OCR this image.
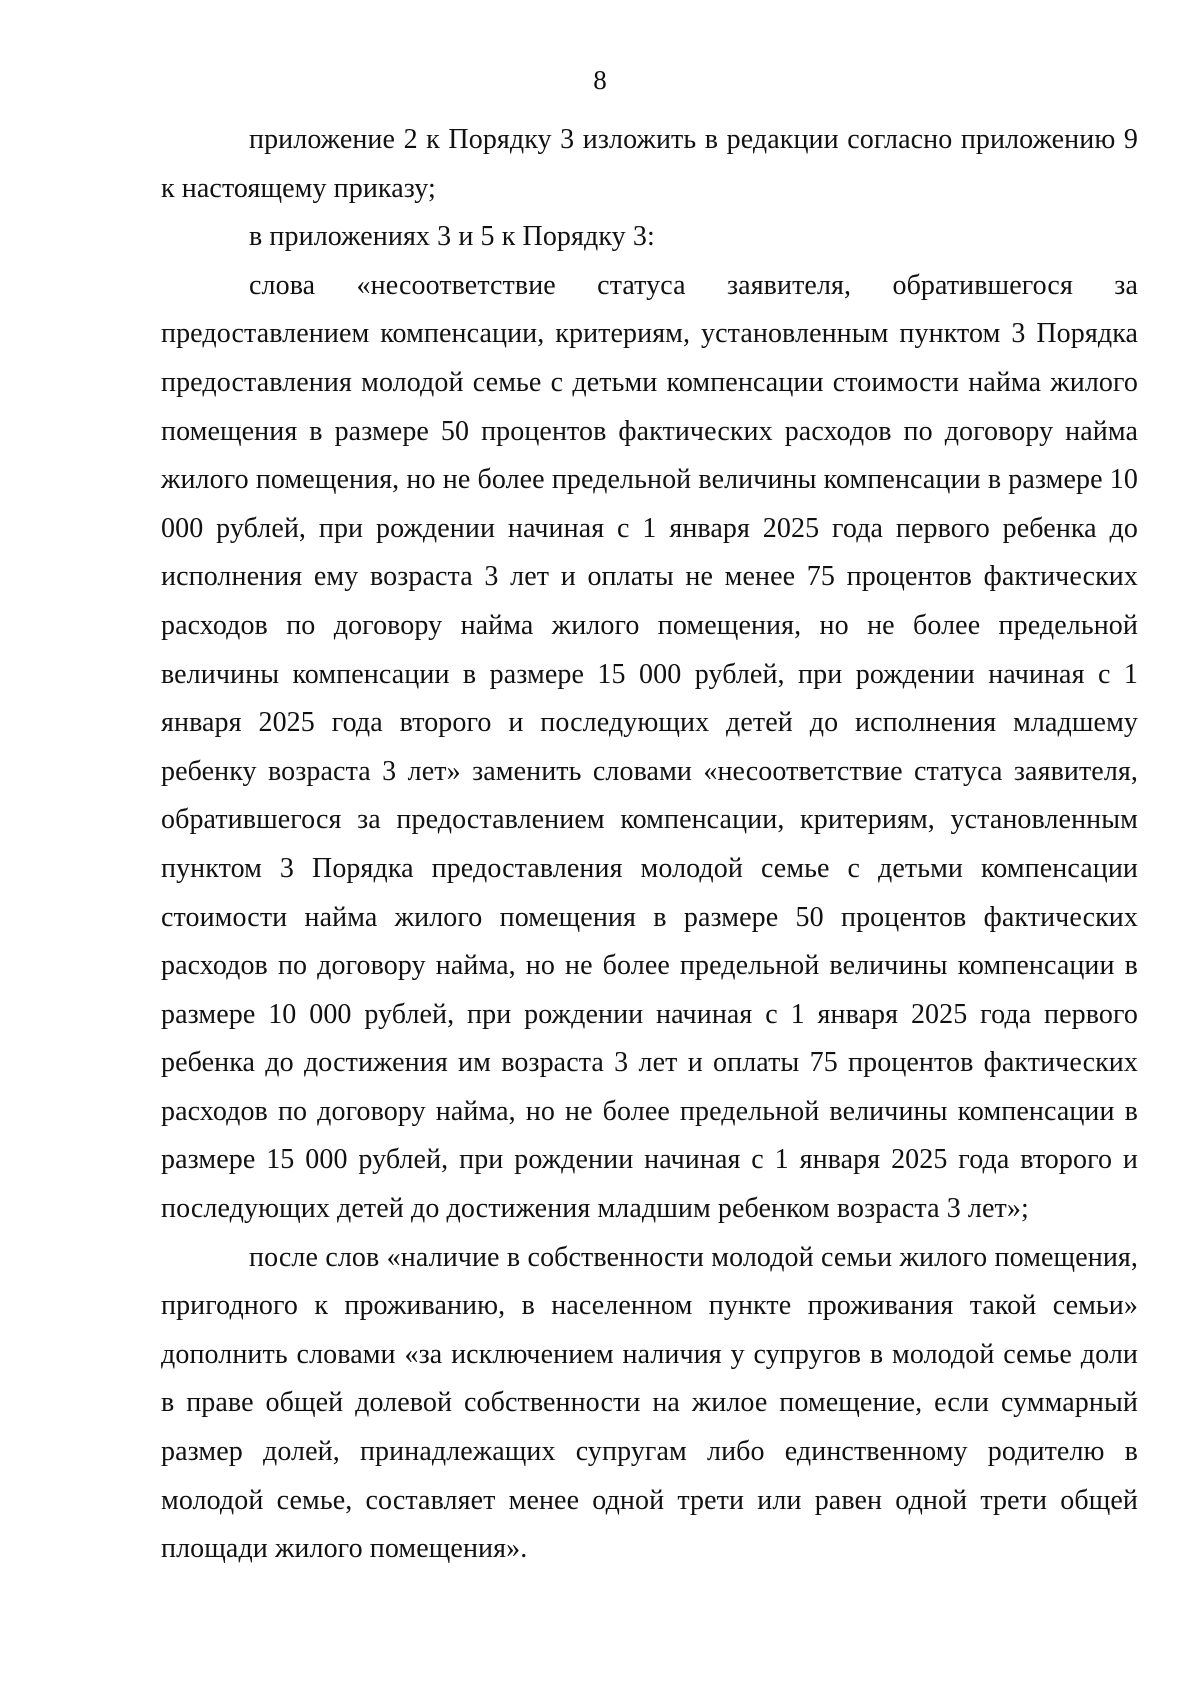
8

приложение 2 к Порядку 3 изложить в редакции согласно приложению 9 к настоящему приказу;

в приложениях 3 и 5 к Порядку 3:

слова «несоответствие статуса заявителя, обратившегося за предоставлением компенсации, критериям, установленным пунктом 3 Порядка предоставления молодой семье с детьми компенсации стоимости найма жилого помещения в размере 50 процентов фактических расходов по договору найма жилого помещения, но не более предельной величины компенсации в размере 10 000 рублей, при рождении начиная с 1 января 2025 года первого ребенка до исполнения ему возраста 3 лет и оплаты не менее 75 процентов фактических расходов по договору найма жилого помещения, но не более предельной величины компенсации в размере 15 000 рублей, при рождении начиная с 1 января 2025 года второго и последующих детей до исполнения младшему ребенку возраста 3 лет» заменить словами «несоответствие статуса заявителя, обратившегося за предоставлением компенсации, критериям, установленным пунктом 3 Порядка предоставления молодой семье с детьми компенсации стоимости найма жилого помещения в размере 50 процентов фактических расходов по договору найма, но не более предельной величины компенсации в размере 10 000 рублей, при рождении начиная с 1 января 2025 года первого ребенка до достижения им возраста 3 лет и оплаты 75 процентов фактических расходов по договору найма, но не более предельной величины компенсации в размере 15 000 рублей, при рождении начиная с 1 января 2025 года второго и последующих детей до достижения младшим ребенком возраста 3 лет»;

после слов «наличие в собственности молодой семьи жилого помещения, пригодного к проживанию, в населенном пункте проживания такой семьи» дополнить словами «за исключением наличия у супругов в молодой семье доли в праве общей долевой собственности на жилое помещение, если суммарный размер долей, принадлежащих супругам либо единственному родителю в молодой семье, составляет менее одной трети или равен одной трети общей площади жилого помещения».
